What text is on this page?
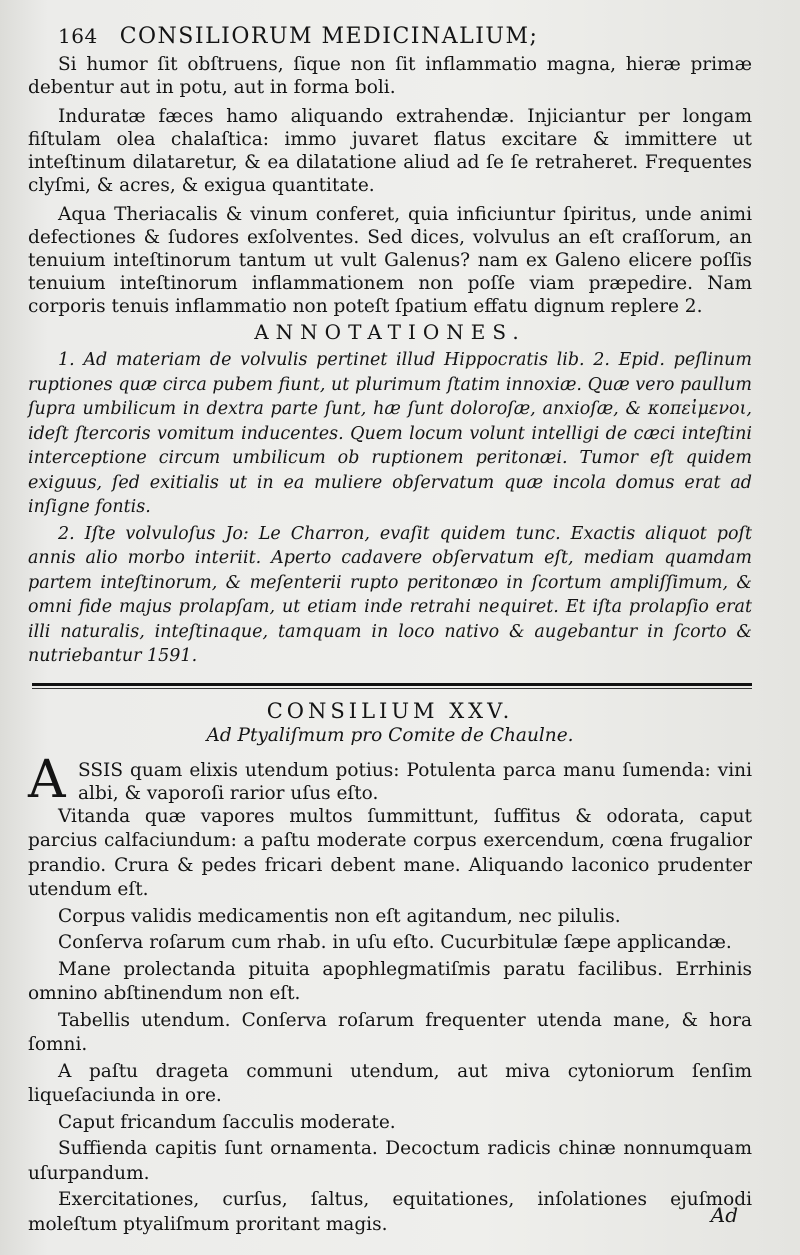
164 CONSILIORUM MEDICINALIUM;

Si humor ſit obſtruens, ſique non ſit inflammatio magna, hieræ primæ debentur aut in potu, aut in forma boli.

Induratæ fæces hamo aliquando extrahendæ. Injiciantur per longam fiſtulam olea chalaſtica: immo juvaret flatus excitare & immittere ut inteſtinum dilataretur, & ea dilatatione aliud ad ſe ſe retraheret. Frequentes clyſmi, & acres, & exigua quantitate.

Aqua Theriacalis & vinum conferet, quia inficiuntur ſpiritus, unde animi defectiones & ſudores exſolventes. Sed dices, volvulus an eſt craſſorum, an tenuium inteſtinorum tantum ut vult Galenus? nam ex Galeno elicere poſſis tenuium inteſtinorum inflammationem non poſſe viam præpedire. Nam corporis tenuis inflammatio non poteſt ſpatium effatu dignum replere 2.

ANNOTATIONES.

1. Ad materiam de volvulis pertinet illud Hippocratis lib. 2. Epid. peſlinum ruptiones quæ circa pubem fiunt, ut plurimum ſtatim innoxiæ. Quæ vero paullum ſupra umbilicum in dextra parte ſunt, hæ ſunt doloroſæ, anxioſæ, & κοπεἰμενοι, ideſt ſtercoris vomitum inducentes. Quem locum volunt intelligi de cæci inteſtini interceptione circum umbilicum ob ruptionem peritonæi. Tumor eſt quidem exiguus, ſed exitialis ut in ea muliere obſervatum quæ incola domus erat ad inſigne fontis.

2. Iſte volvuloſus Jo: Le Charron, evaſit quidem tunc. Exactis aliquot poſt annis alio morbo interiit. Aperto cadavere obſervatum eſt, mediam quamdam partem inteſtinorum, & meſenterii rupto peritonæo in ſcortum ampliſſimum, & omni fide majus prolapſam, ut etiam inde retrahi nequiret. Et iſta prolapſio erat illi naturalis, inteſtinaque, tamquam in loco nativo & augebantur in ſcorto & nutriebantur 1591.

CONSILIUM XXV.
Ad Ptyaliſmum pro Comite de Chaulne.

A SSIS quam elixis utendum potius: Potulenta parca manu ſumenda: vini albi, & vaporoſi rarior uſus eſto.

Vitanda quæ vapores multos ſummittunt, ſuffitus & odorata, caput parcius calfaciundum: a paſtu moderate corpus exercendum, cœna frugalior prandio. Crura & pedes fricari debent mane. Aliquando laconico prudenter utendum eſt.

Corpus validis medicamentis non eſt agitandum, nec pilulis.

Conſerva roſarum cum rhab. in uſu eſto. Cucurbitulæ ſæpe applicandæ.

Mane prolectanda pituita apophlegmatiſmis paratu facilibus. Errhinis omnino abſtinendum non eſt.

Tabellis utendum. Conſerva roſarum frequenter utenda mane, & hora ſomni.

A paſtu drageta communi utendum, aut miva cytoniorum ſenſim liqueſaciunda in ore.

Caput fricandum ſacculis moderate.

Suffienda capitis ſunt ornamenta. Decoctum radicis chinæ nonnumquam uſurpandum.

Exercitationes, curſus, ſaltus, equitationes, inſolationes ejuſmodi moleſtum ptyaliſmum proritant magis.	Ad
